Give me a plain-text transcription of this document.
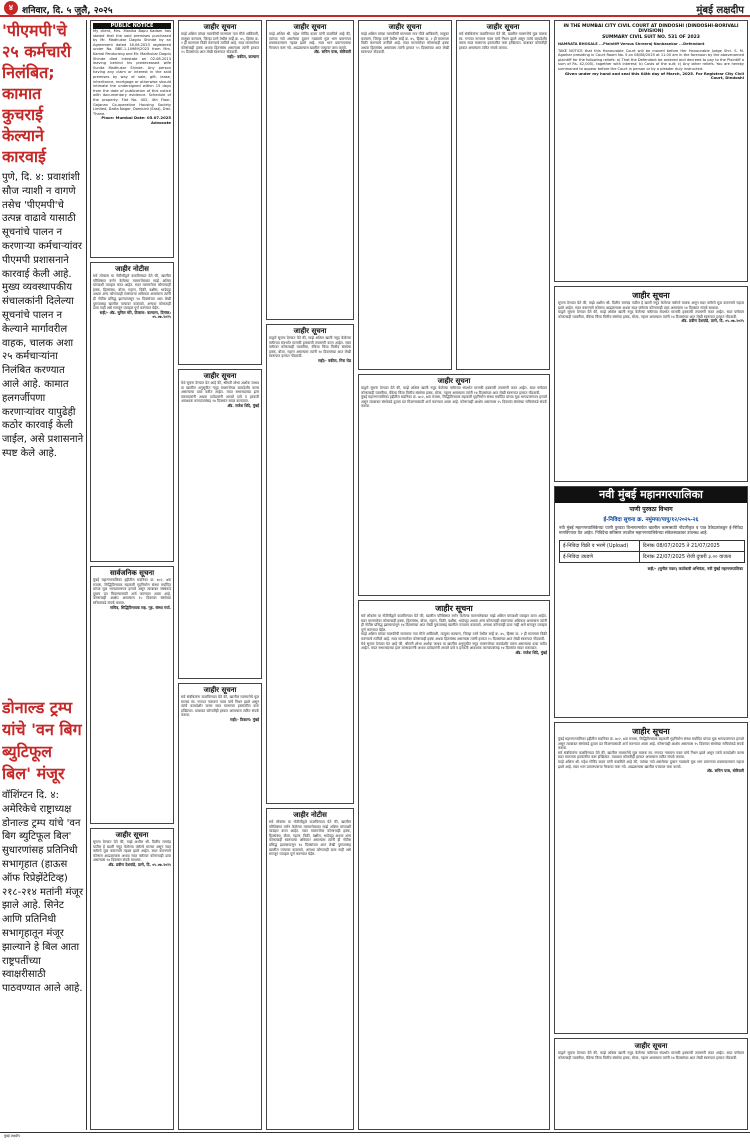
४ शनिवार, दि. ५ जुलै, २०२५	मुंबई लक्षदीप
'पीएमपी'चे २५ कर्मचारी निलंबित; कामात कुचराई केल्याने कारवाई
पुणे, दि. ४: प्रवाशांशी सौज न्याशी न वागणे तसेच 'पीएमपी'चे उत्पन्न वाढावे यासाठी सूचनांचे पालन न करणाऱ्या कर्मचाऱ्यांवर पीएमपी प्रशासनाने कारवाई केली आहे. मुख्य व्यवस्थापकीय संचालकांनी दिलेल्या सूचनांचे पालन न केल्याने मार्गावरील वाहक, चालक अशा २५ कर्मचाऱ्यांना निलंबित करण्यात आले आहे. कामात हलगर्जीपणा करणाऱ्यांवर यापुढेही कठोर कारवाई केली जाईल, असे प्रशासनाने स्पष्ट केले आहे.
डोनाल्ड ट्रम्प यांचे 'वन बिग ब्युटिफूल बिल' मंजूर
वॉशिंग्टन दि. ४: अमेरिकेचे राष्ट्राध्यक्ष डोनाल्ड ट्रम्प यांचे 'वन बिग ब्युटिफूल बिल' सुधारणांसह प्रतिनिधी सभागृहात (हाऊस ऑफ रिप्रेझेंटेटिव्ह) २१८-२१४ मतांनी मंजूर झाले आहे. सिनेट आणि प्रतिनिधी सभागृहातून मंजूर झाल्याने हे बिल आता राष्ट्रपतींच्या स्वाक्षरीसाठी पाठवण्यात आले आहे.
PUBLIC NOTICE
My client, Mrs. Monika Bapu Kadam has stated that the said premises purchased by Mr. Madhukar Dagdu Shinde by an Agreement dated 18.06.2023 registered under No. BBE-1-10989/2023 from Mrs. Kamal Pandurang and Mr. Madhukar Dagdu Shinde died intestate on 02.08.2013 leaving behind his predeceased wife Sunita Madhukar Shinde. Any person having any claim or interest in the said premises by way of sale, gift, lease, inheritance, mortgage or otherwise should intimate the undersigned within 15 days from the date of publication of this notice with documentary evidence. Schedule of the property: Flat No. 402, 4th Floor, Gajanan Co-operative Housing Society Limited, Datta Nagar, Dombivli (East), Dist. Thane.
Place: Mumbai Date: 05.07.2025 Advocate
जाहीर नोटीस
सर्व लोकांस या नोटीसीद्वारे कळविण्यात येते की, खालील परिशिष्टात वर्णन केलेल्या मालमत्तेबाबत माझे अशिल यांच्याशी व्यवहार करत आहेत. सदर मालमत्तेवर कोणाचाही हक्क, हितसंबंध, बोजा, गहाण, विक्री, बक्षीस, भाडेपट्टा अथवा अन्य कोणत्याही स्वरूपाचा अधिकार असल्यास त्यांनी ही नोटीस प्रसिद्ध झाल्यापासून १४ दिवसांच्या आत लेखी पुराव्यासह खालील पत्त्यावर कळवावे, अन्यथा कोणताही दावा नाही असे समजून व्यवहार पूर्ण करण्यात येईल.
सही/- अ‍ॅड. सुनिल मोरे, ठिकाण: कल्याण, दिनांक: ०५.०७.२०२५
सार्वजनिक सूचना
मुंबई महानगरपालिका हद्दीतील सदनिका क्र. ७०२, ७वा मजला, सिद्धिविनायक सहकारी गृहनिर्माण संस्था मर्यादित यांच्या मूळ भागप्रमाणपत्र हरवले असून त्याबाबत संस्थेकडे दुय्यम प्रत मिळण्यासाठी अर्ज करण्यात आला आहे. कोणाचाही आक्षेप असल्यास १५ दिवसांत संस्थेच्या सचिवांकडे संपर्क करावा.
सचिव, सिद्धिविनायक सह. गृह. संस्था मर्या.
जाहीर सूचना
सूचना देण्यात येते की, माझे अशील श्री. दिलीप रामचंद्र पाटील हे खाली नमूद केलेल्या फ्लॅटचे मालक असून सदर फ्लॅटचे मूळ करारनामे गहाळ झाले आहेत. सदर करारनामे कोणास आढळल्यास अथवा सदर फ्लॅटवर कोणाचाही दावा असल्यास १४ दिवसांत संपर्क साधावा.
अ‍ॅड. प्रवीण देशपांडे, ठाणे, दि. ०५.०७.२०२५
जाहीर सूचना
माझे अशिल यांच्या मालकीची मालमत्ता गाव मौजे आंबिवली, तालुका कल्याण, जिल्हा ठाणे येथील सर्व्हे क्र. ४५, हिस्सा क्र. २ ही मालमत्ता विक्री करण्याचे ठरविले आहे. सदर मालमत्तेवर कोणाचाही हक्क अथवा हितसंबंध असल्यास त्यांनी हरकत १५ दिवसांच्या आत लेखी स्वरूपात नोंदवावी.
सही/- वकील, कल्याण
जाहीर सूचना
येथे सूचना देण्यात येत आहे की, श्रीमती शोभा अशोक जाधव या खालील अनुसूचीत नमूद मालमत्तेच्या कायदेशीर वारस असल्याचा दावा करीत आहेत. मयत सभासदाच्या इतर वारसदारांनी अथवा दावेदारांनी आपले दावे व हरकती आवश्यक कागदपत्रांसह १४ दिवसांत सादर कराव्यात.
अ‍ॅड. राजेश शिंदे, मुंबई
जाहीर सूचना
सर्व संबंधितांना कळविण्यात येते की, खालील मालमत्तेचे मूळ मालक स्व. गणपत नारायण पवार यांचे निधन झाले असून त्यांचे कायदेशीर वारस सदर मालमत्ता हस्तांतरित करू इच्छितात. याबाबत कोणतीही हरकत असल्यास त्वरित संपर्क करावा.
सही/- ठिकाण: मुंबई
जाहीर सूचना
माझे अशिल श्री. महेश गोविंद कदम यांनी कळविले आहे की, त्यांच्या नावे असलेल्या दुकान गाळ्याचे मूळ भाग प्रमाणपत्र प्रवासादरम्यान गहाळ झाले आहे. सदर भाग प्रमाणपत्राचा गैरवापर करू नये. आढळल्यास खालील पत्त्यावर जमा करावे.
अ‍ॅड. सचिन परब, बोरिवली
जाहीर सूचना
याद्वारे सूचना देण्यात येते की, माझे अशिल खाली नमूद केलेल्या फ्लॅटच्या संदर्भात मालकी हक्काची तपासणी करत आहेत. सदर फ्लॅटवर कोणत्याही व्यक्तीचा, बँकेचा किंवा वित्तीय संस्थेचा हक्क, बोजा, गहाण असल्यास त्यांनी १४ दिवसांच्या आत लेखी स्वरूपात हरकत नोंदवावी.
सही/- वकील, मिरा रोड
जाहीर नोटीस
सर्व लोकांस या नोटीसीद्वारे कळविण्यात येते की, खालील परिशिष्टात वर्णन केलेल्या मालमत्तेबाबत माझे अशिल यांच्याशी व्यवहार करत आहेत. सदर मालमत्तेवर कोणाचाही हक्क, हितसंबंध, बोजा, गहाण, विक्री, बक्षीस, भाडेपट्टा अथवा अन्य कोणत्याही स्वरूपाचा अधिकार असल्यास त्यांनी ही नोटीस प्रसिद्ध झाल्यापासून १४ दिवसांच्या आत लेखी पुराव्यासह खालील पत्त्यावर कळवावे, अन्यथा कोणताही दावा नाही असे समजून व्यवहार पूर्ण करण्यात येईल.
जाहीर सूचना
माझे अशिल यांच्या मालकीची मालमत्ता गाव मौजे आंबिवली, तालुका कल्याण, जिल्हा ठाणे येथील सर्व्हे क्र. ४५, हिस्सा क्र. २ ही मालमत्ता विक्री करण्याचे ठरविले आहे. सदर मालमत्तेवर कोणाचाही हक्क अथवा हितसंबंध असल्यास त्यांनी हरकत १५ दिवसांच्या आत लेखी स्वरूपात नोंदवावी.
जाहीर सूचना
सर्व संबंधितांना कळविण्यात येते की, खालील मालमत्तेचे मूळ मालक स्व. गणपत नारायण पवार यांचे निधन झाले असून त्यांचे कायदेशीर वारस सदर मालमत्ता हस्तांतरित करू इच्छितात. याबाबत कोणतीही हरकत असल्यास त्वरित संपर्क करावा.
जाहीर सूचना
याद्वारे सूचना देण्यात येते की, माझे अशिल खाली नमूद केलेल्या फ्लॅटच्या संदर्भात मालकी हक्काची तपासणी करत आहेत. सदर फ्लॅटवर कोणत्याही व्यक्तीचा, बँकेचा किंवा वित्तीय संस्थेचा हक्क, बोजा, गहाण असल्यास त्यांनी १४ दिवसांच्या आत लेखी स्वरूपात हरकत नोंदवावी.
मुंबई महानगरपालिका हद्दीतील सदनिका क्र. ७०२, ७वा मजला, सिद्धिविनायक सहकारी गृहनिर्माण संस्था मर्यादित यांच्या मूळ भागप्रमाणपत्र हरवले असून त्याबाबत संस्थेकडे दुय्यम प्रत मिळण्यासाठी अर्ज करण्यात आला आहे. कोणाचाही आक्षेप असल्यास १५ दिवसांत संस्थेच्या सचिवांकडे संपर्क करावा.
जाहीर सूचना
सर्व लोकांस या नोटीसीद्वारे कळविण्यात येते की, खालील परिशिष्टात वर्णन केलेल्या मालमत्तेबाबत माझे अशिल यांच्याशी व्यवहार करत आहेत. सदर मालमत्तेवर कोणाचाही हक्क, हितसंबंध, बोजा, गहाण, विक्री, बक्षीस, भाडेपट्टा अथवा अन्य कोणत्याही स्वरूपाचा अधिकार असल्यास त्यांनी ही नोटीस प्रसिद्ध झाल्यापासून १४ दिवसांच्या आत लेखी पुराव्यासह खालील पत्त्यावर कळवावे, अन्यथा कोणताही दावा नाही असे समजून व्यवहार पूर्ण करण्यात येईल.
माझे अशिल यांच्या मालकीची मालमत्ता गाव मौजे आंबिवली, तालुका कल्याण, जिल्हा ठाणे येथील सर्व्हे क्र. ४५, हिस्सा क्र. २ ही मालमत्ता विक्री करण्याचे ठरविले आहे. सदर मालमत्तेवर कोणाचाही हक्क अथवा हितसंबंध असल्यास त्यांनी हरकत १५ दिवसांच्या आत लेखी स्वरूपात नोंदवावी.
येथे सूचना देण्यात येत आहे की, श्रीमती शोभा अशोक जाधव या खालील अनुसूचीत नमूद मालमत्तेच्या कायदेशीर वारस असल्याचा दावा करीत आहेत. मयत सभासदाच्या इतर वारसदारांनी अथवा दावेदारांनी आपले दावे व हरकती आवश्यक कागदपत्रांसह १४ दिवसांत सादर कराव्यात.
अ‍ॅड. राजेश शिंदे, मुंबई
IN THE MUMBAI CITY CIVIL COURT AT DINDOSHI (DINDOSHI-BORIVALI DIVISION)
SUMMARY CIVIL SUIT NO. 531 OF 2023
NAMRATA BHOSALE ...Plaintiff Versus Shreeraj Nanbasekar ...Defendant
TAKE NOTICE that this Honourable Court will be moved before Her Honourable Judge Shri. S. M. Agarkar presiding in Court Room No. 5 on 08/08/2025 at 11.00 am in the forenoon by the abovenamed plaintiff for the following reliefs: a) That the Defendant be ordered and decreed to pay to the Plaintiff a sum of Rs. 42,000/- together with interest; b) Costs of the suit; c) Any other reliefs. You are hereby summoned to appear before the Court in person or by a pleader duly instructed.
Given under my hand and seal this 04th day of March, 2025. For Registrar City Civil Court, Dindoshi
जाहीर सूचना
सूचना देण्यात येते की, माझे अशील श्री. दिलीप रामचंद्र पाटील हे खाली नमूद केलेल्या फ्लॅटचे मालक असून सदर फ्लॅटचे मूळ करारनामे गहाळ झाले आहेत. सदर करारनामे कोणास आढळल्यास अथवा सदर फ्लॅटवर कोणाचाही दावा असल्यास १४ दिवसांत संपर्क साधावा.
याद्वारे सूचना देण्यात येते की, माझे अशिल खाली नमूद केलेल्या फ्लॅटच्या संदर्भात मालकी हक्काची तपासणी करत आहेत. सदर फ्लॅटवर कोणत्याही व्यक्तीचा, बँकेचा किंवा वित्तीय संस्थेचा हक्क, बोजा, गहाण असल्यास त्यांनी १४ दिवसांच्या आत लेखी स्वरूपात हरकत नोंदवावी.
अ‍ॅड. प्रवीण देशपांडे, ठाणे, दि. ०५.०७.२०२५
नवी मुंबई महानगरपालिका
पाणी पुरवठा विभाग
ई-निविदा सूचना क्र. नमुंमपा/पापु/१२/२०२५-२६
नवी मुंबई महानगरपालिकेच्या पाणी पुरवठा विभागामार्फत खालील कामासाठी नोंदणीकृत व पात्र ठेकेदारांकडून ई-निविदा मागविण्यात येत आहेत. निविदेचा सविस्तर तपशील महानगरपालिकेच्या संकेतस्थळावर उपलब्ध आहे.
ई-निविदा विक्री व भरणे (Upload)	दिनांक 08/07/2025 ते 21/07/2025
ई-निविदा उघडणे	दिनांक 22/07/2025 रोजी दुपारी ३.०० वाजता
सही/- (सुनील पवार) कार्यकारी अभियंता, नवी मुंबई महानगरपालिका
जाहीर सूचना
मुंबई महानगरपालिका हद्दीतील सदनिका क्र. ७०२, ७वा मजला, सिद्धिविनायक सहकारी गृहनिर्माण संस्था मर्यादित यांच्या मूळ भागप्रमाणपत्र हरवले असून त्याबाबत संस्थेकडे दुय्यम प्रत मिळण्यासाठी अर्ज करण्यात आला आहे. कोणाचाही आक्षेप असल्यास १५ दिवसांत संस्थेच्या सचिवांकडे संपर्क करावा.
सर्व संबंधितांना कळविण्यात येते की, खालील मालमत्तेचे मूळ मालक स्व. गणपत नारायण पवार यांचे निधन झाले असून त्यांचे कायदेशीर वारस सदर मालमत्ता हस्तांतरित करू इच्छितात. याबाबत कोणतीही हरकत असल्यास त्वरित संपर्क करावा.
माझे अशिल श्री. महेश गोविंद कदम यांनी कळविले आहे की, त्यांच्या नावे असलेल्या दुकान गाळ्याचे मूळ भाग प्रमाणपत्र प्रवासादरम्यान गहाळ झाले आहे. सदर भाग प्रमाणपत्राचा गैरवापर करू नये. आढळल्यास खालील पत्त्यावर जमा करावे.
अ‍ॅड. सचिन परब, बोरिवली
जाहीर सूचना
याद्वारे सूचना देण्यात येते की, माझे अशिल खाली नमूद केलेल्या फ्लॅटच्या संदर्भात मालकी हक्काची तपासणी करत आहेत. सदर फ्लॅटवर कोणत्याही व्यक्तीचा, बँकेचा किंवा वित्तीय संस्थेचा हक्क, बोजा, गहाण असल्यास त्यांनी १४ दिवसांच्या आत लेखी स्वरूपात हरकत नोंदवावी.
मुंबई लक्षदीप
